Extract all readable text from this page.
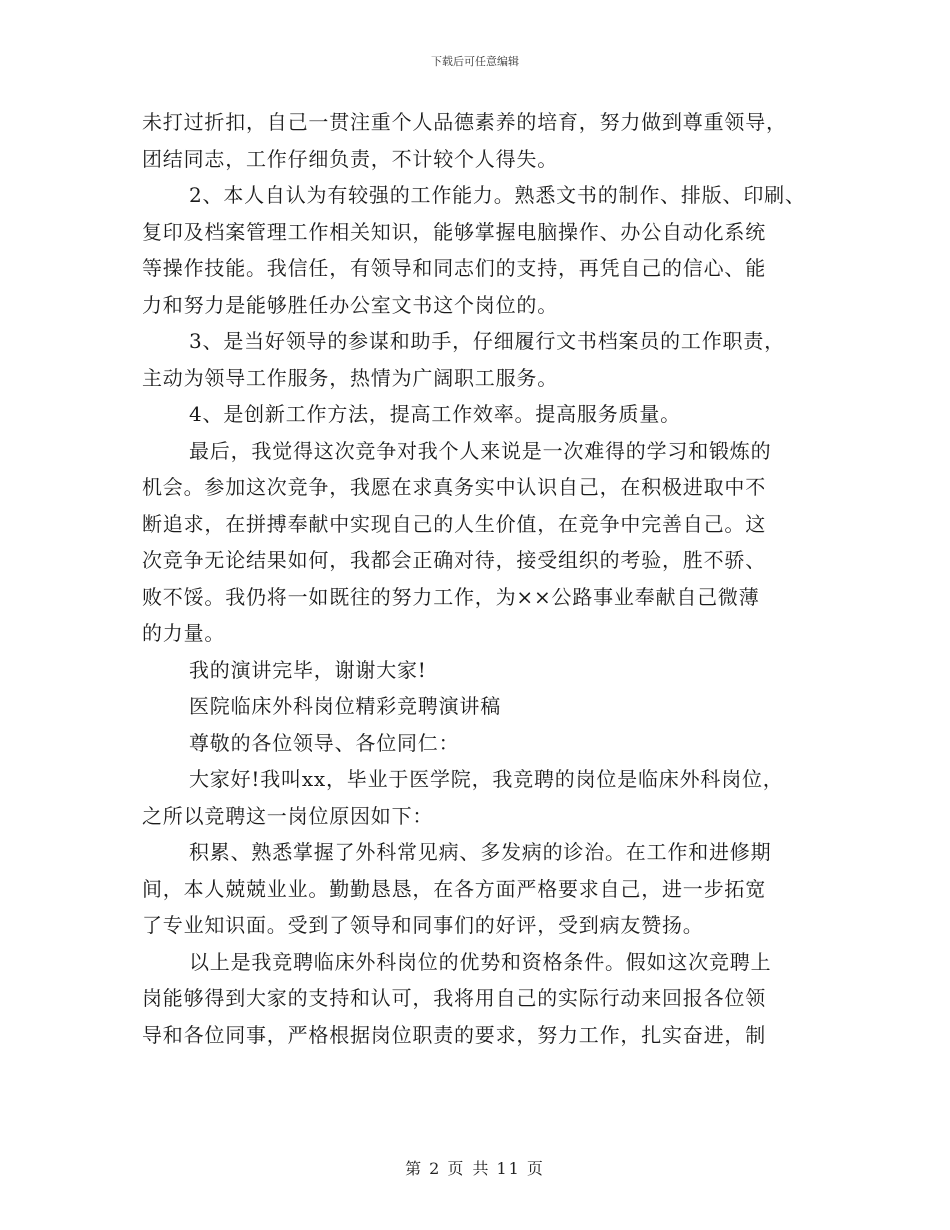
下载后可任意编辑
未打过折扣，自己一贯注重个人品德素养的培育，努力做到尊重领导，
团结同志，工作仔细负责，不计较个人得失。
2、本人自认为有较强的工作能力。熟悉文书的制作、排版、印刷、
复印及档案管理工作相关知识，能够掌握电脑操作、办公自动化系统
等操作技能。我信任，有领导和同志们的支持，再凭自己的信心、能
力和努力是能够胜任办公室文书这个岗位的。
3、是当好领导的参谋和助手，仔细履行文书档案员的工作职责，
主动为领导工作服务，热情为广阔职工服务。
4、是创新工作方法，提高工作效率。提高服务质量。
最后，我觉得这次竞争对我个人来说是一次难得的学习和锻炼的
机会。参加这次竞争，我愿在求真务实中认识自己，在积极进取中不
断追求，在拼搏奉献中实现自己的人生价值，在竞争中完善自己。这
次竞争无论结果如何，我都会正确对待，接受组织的考验，胜不骄、
败不馁。我仍将一如既往的努力工作，为××公路事业奉献自己微薄
的力量。
我的演讲完毕，谢谢大家!
医院临床外科岗位精彩竞聘演讲稿
尊敬的各位领导、各位同仁：
大家好!我叫xx，毕业于医学院，我竞聘的岗位是临床外科岗位，
之所以竞聘这一岗位原因如下：
积累、熟悉掌握了外科常见病、多发病的诊治。在工作和进修期
间，本人兢兢业业。勤勤恳恳，在各方面严格要求自己，进一步拓宽
了专业知识面。受到了领导和同事们的好评，受到病友赞扬。
以上是我竞聘临床外科岗位的优势和资格条件。假如这次竞聘上
岗能够得到大家的支持和认可，我将用自己的实际行动来回报各位领
导和各位同事，严格根据岗位职责的要求，努力工作，扎实奋进，制
第 2 页 共 11 页
